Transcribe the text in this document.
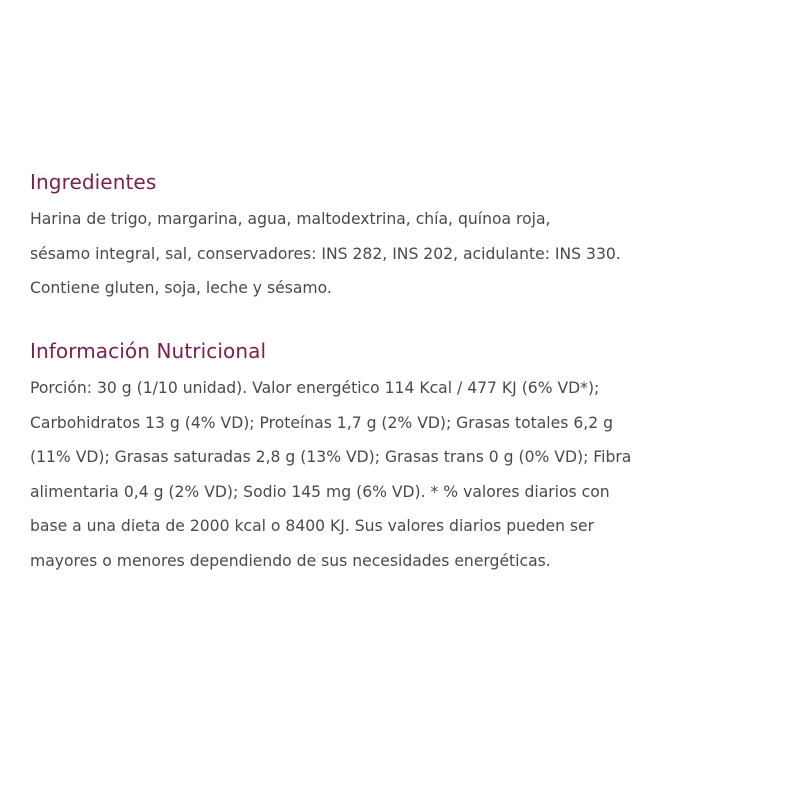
Ingredientes
Harina de trigo, margarina, agua, maltodextrina, chía, quínoa roja,
sésamo integral, sal, conservadores: INS 282, INS 202, acidulante: INS 330.
Contiene gluten, soja, leche y sésamo.
Información Nutricional
Porción: 30 g (1/10 unidad). Valor energético 114 Kcal / 477 KJ (6% VD*);
Carbohidratos 13 g (4% VD); Proteínas 1,7 g (2% VD); Grasas totales 6,2 g
(11% VD); Grasas saturadas 2,8 g (13% VD); Grasas trans 0 g (0% VD); Fibra
alimentaria 0,4 g (2% VD); Sodio 145 mg (6% VD). * % valores diarios con
base a una dieta de 2000 kcal o 8400 KJ. Sus valores diarios pueden ser
mayores o menores dependiendo de sus necesidades energéticas.
